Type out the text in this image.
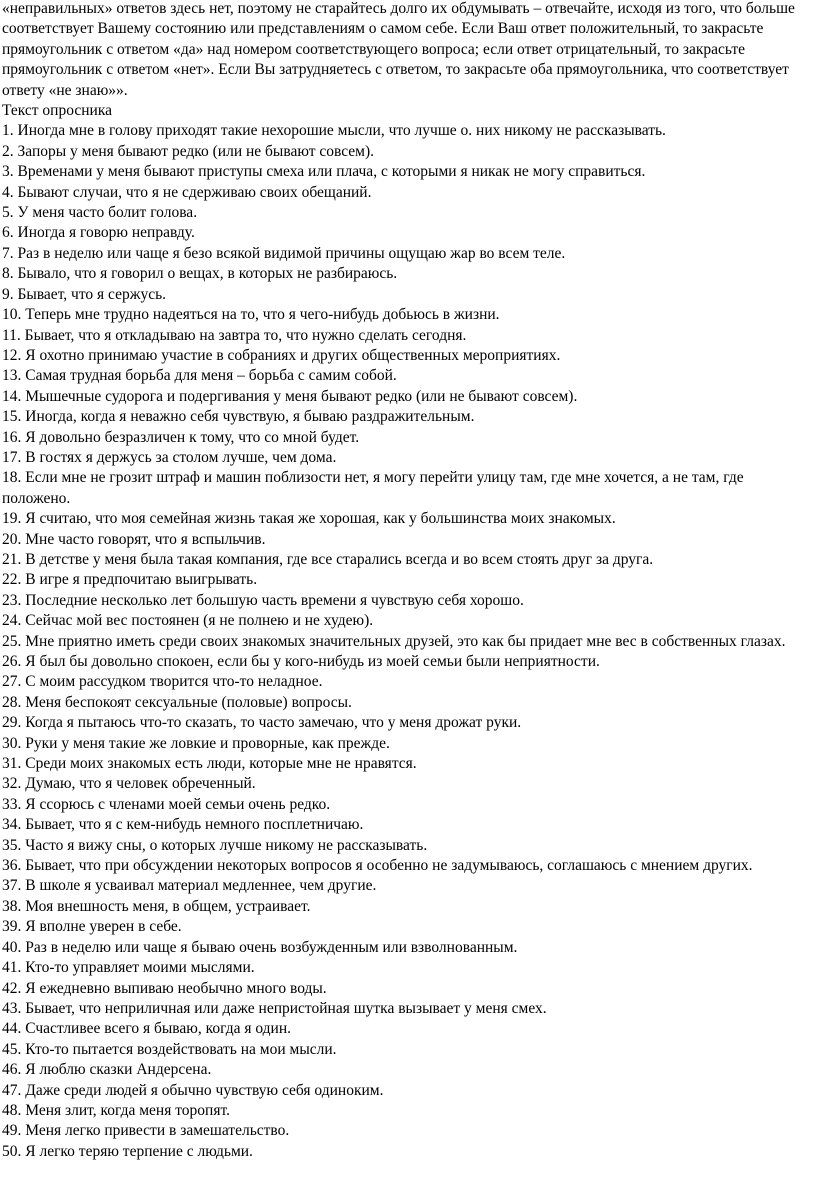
«неправильных» ответов здесь нет, поэтому не старайтесь долго их обдумывать – отвечайте, исходя из того, что больше соответствует Вашему состоянию или представлениям о самом себе. Если Ваш ответ положительный, то закрасьте прямоугольник с ответом «да» над номером соответствующего вопроса; если ответ отрицательный, то закрасьте прямоугольник с ответом «нет». Если Вы затрудняетесь с ответом, то закрасьте оба прямоугольника, что соответствует ответу «не знаю»».

Текст опросника

1. Иногда мне в голову приходят такие нехорошие мысли, что лучше о. них никому не рассказывать.

2. Запоры у меня бывают редко (или не бывают совсем).

3. Временами у меня бывают приступы смеха или плача, с которыми я никак не могу справиться.

4. Бывают случаи, что я не сдерживаю своих обещаний.

5. У меня часто болит голова.

6. Иногда я говорю неправду.

7. Раз в неделю или чаще я безо всякой видимой причины ощущаю жар во всем теле.

8. Бывало, что я говорил о вещах, в которых не разбираюсь.

9. Бывает, что я сержусь.

10. Теперь мне трудно надеяться на то, что я чего-нибудь добьюсь в жизни.

11. Бывает, что я откладываю на завтра то, что нужно сделать сегодня.

12. Я охотно принимаю участие в собраниях и других общественных мероприятиях.

13. Самая трудная борьба для меня – борьба с самим собой.

14. Мышечные судорога и подергивания у меня бывают редко (или не бывают совсем).

15. Иногда, когда я неважно себя чувствую, я бываю раздражительным.

16. Я довольно безразличен к тому, что со мной будет.

17. В гостях я держусь за столом лучше, чем дома.

18. Если мне не грозит штраф и машин поблизости нет, я могу перейти улицу там, где мне хочется, а не там, где положено.

19. Я считаю, что моя семейная жизнь такая же хорошая, как у большинства моих знакомых.

20. Мне часто говорят, что я вспыльчив.

21. В детстве у меня была такая компания, где все старались всегда и во всем стоять друг за друга.

22. В игре я предпочитаю выигрывать.

23. Последние несколько лет большую часть времени я чувствую себя хорошо.

24. Сейчас мой вес постоянен (я не полнею и не худею).

25. Мне приятно иметь среди своих знакомых значительных друзей, это как бы придает мне вес в собственных глазах.

26. Я был бы довольно спокоен, если бы у кого-нибудь из моей семьи были неприятности.

27. С моим рассудком творится что-то неладное.

28. Меня беспокоят сексуальные (половые) вопросы.

29. Когда я пытаюсь что-то сказать, то часто замечаю, что у меня дрожат руки.

30. Руки у меня такие же ловкие и проворные, как прежде.

31. Среди моих знакомых есть люди, которые мне не нравятся.

32. Думаю, что я человек обреченный.

33. Я ссорюсь с членами моей семьи очень редко.

34. Бывает, что я с кем-нибудь немного посплетничаю.

35. Часто я вижу сны, о которых лучше никому не рассказывать.

36. Бывает, что при обсуждении некоторых вопросов я особенно не задумываюсь, соглашаюсь с мнением других.

37. В школе я усваивал материал медленнее, чем другие.

38. Моя внешность меня, в общем, устраивает.

39. Я вполне уверен в себе.

40. Раз в неделю или чаще я бываю очень возбужденным или взволнованным.

41. Кто-то управляет моими мыслями.

42. Я ежедневно выпиваю необычно много воды.

43. Бывает, что неприличная или даже непристойная шутка вызывает у меня смех.

44. Счастливее всего я бываю, когда я один.

45. Кто-то пытается воздействовать на мои мысли.

46. Я люблю сказки Андерсена.

47. Даже среди людей я обычно чувствую себя одиноким.

48. Меня злит, когда меня торопят.

49. Меня легко привести в замешательство.

50. Я легко теряю терпение с людьми.
